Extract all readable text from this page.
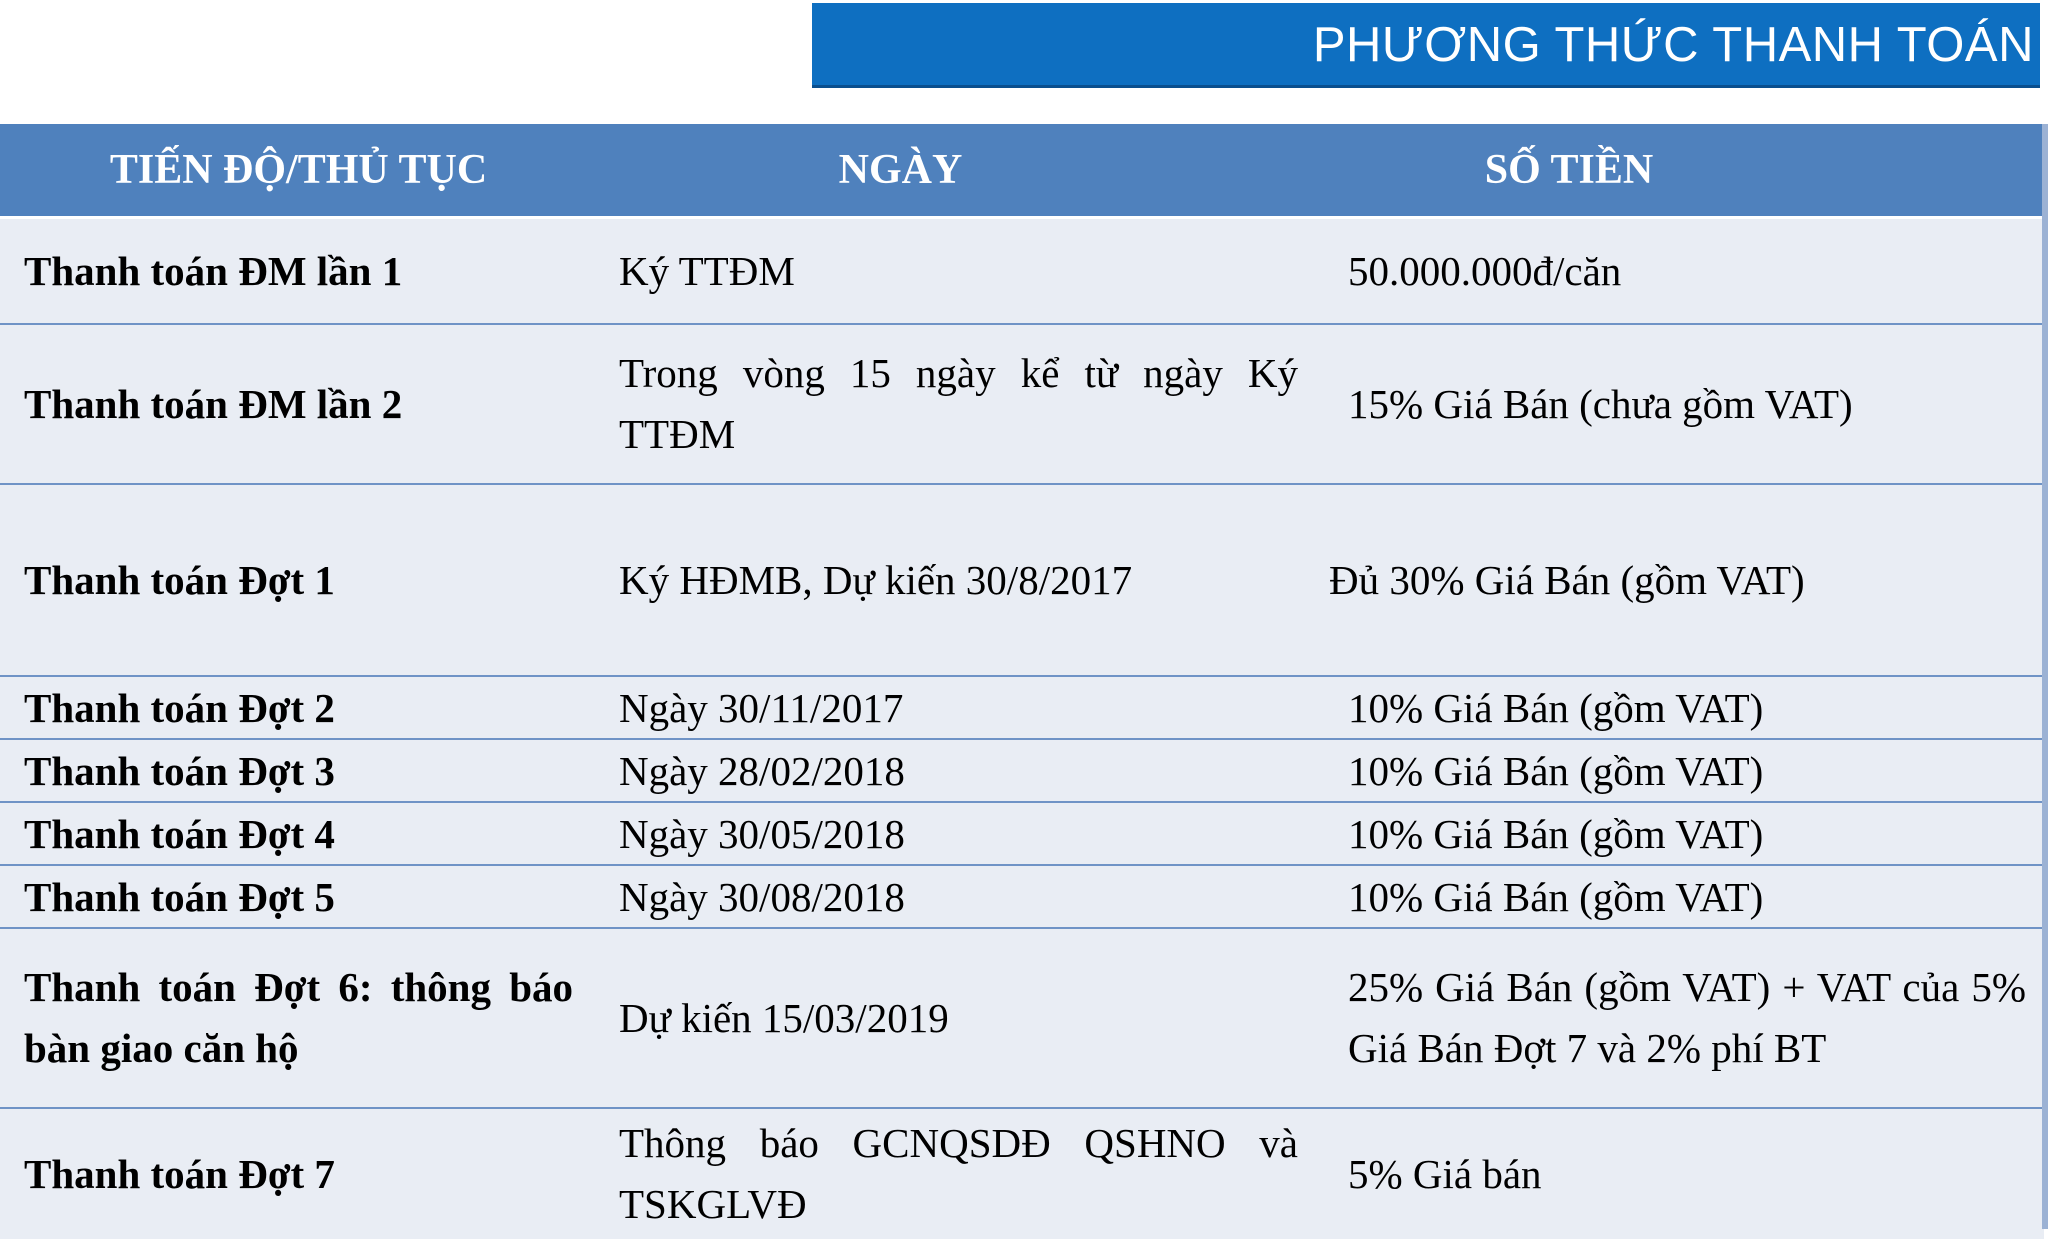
PHƯƠNG THỨC THANH TOÁN
TIẾN ĐỘ/THỦ TỤC	NGÀY	SỐ TIỀN
Thanh toán ĐM lần 1	Ký TTĐM	50.000.000đ/căn
Thanh toán ĐM lần 2	Trong vòng 15 ngày kể từ ngày Ký TTĐM	15% Giá Bán (chưa gồm VAT)
Thanh toán Đợt 1	Ký HĐMB, Dự kiến 30/8/2017	Đủ 30% Giá Bán (gồm VAT)
Thanh toán Đợt 2	Ngày 30/11/2017	10% Giá Bán (gồm VAT)
Thanh toán Đợt 3	Ngày 28/02/2018	10% Giá Bán (gồm VAT)
Thanh toán Đợt 4	Ngày 30/05/2018	10% Giá Bán (gồm VAT)
Thanh toán Đợt 5	Ngày 30/08/2018	10% Giá Bán (gồm VAT)
Thanh toán Đợt 6: thông báo bàn giao căn hộ	Dự kiến 15/03/2019	25% Giá Bán (gồm VAT) + VAT của 5% Giá Bán Đợt 7 và 2% phí BT
Thanh toán Đợt 7	Thông báo GCNQSDĐ QSHNO và TSKGLVĐ	5% Giá bán
